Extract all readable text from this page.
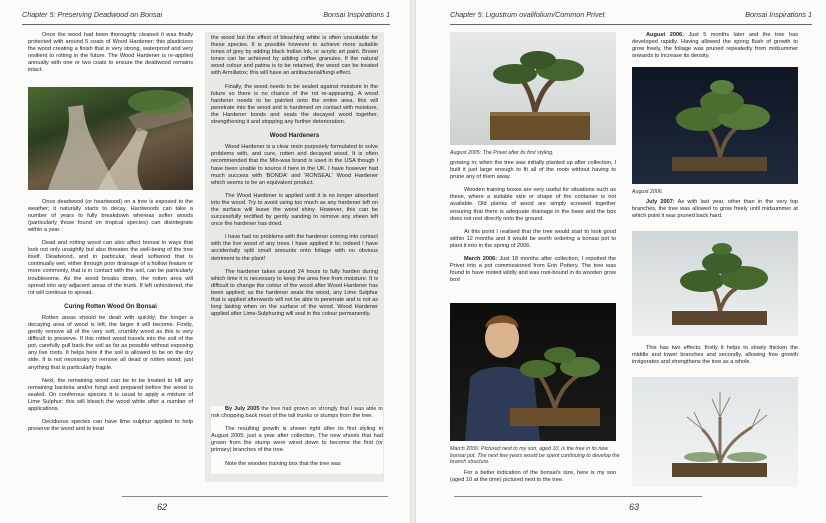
Chapter 5: Preserving Deadwood on Bonsai	Bonsai Inspirations 1

Once the wood had been thoroughly cleaned it was finally protected with around 5 coats of Wood Hardener; this plasticizes the wood creating a finish that is very strong, waterproof and very resilient to rotting in the future. The Wood Hardener is re-applied annually with one or two coats to ensure the deadwood remains intact.

Once deadwood (or heartwood) on a tree is exposed to the weather; it naturally starts to decay. Hardwoods can take a number of years to fully breakdown whereas softer woods (particularly those found on tropical species) can disintegrate within a year.

Dead and rotting wood can also affect bonsai in ways that look not only unsightly but also threaten the well-being of the tree itself. Deadwood, and in particular, dead softwood that is continually wet, either through poor drainage of a hollow feature or more commonly, that is in contact with the soil, can be particularly troublesome. As the wood breaks down, the rotten area will spread into any adjacent areas of the trunk. If left unhindered, the rot will continue to spread.

Curing Rotten Wood On Bonsai

Rotten areas should be dealt with quickly; the longer a decaying area of wood is left, the larger it will become. Firstly, gently remove all of the very soft, crumbly wood as this is very difficult to preserve. If this rotted wood travels into the soil of the pot, carefully pull back the soil as far as possible without exposing any live roots. It helps here if the soil is allowed to be on the dry side. It is not necessary to remove all dead or rotten wood; just anything that is particularly fragile.

Next, the remaining wood can be to be treated to kill any remaining bacteria and/or fungi and prepared before the wood is sealed. On coniferous species it is usual to apply a mixture of Lime Sulphur; this will bleach the wood white after a number of applications.

Deciduous species can have lime sulphur applied to help preserve the wood and to treat

the wood but the effect of bleaching white is often unsuitable for these species. It is possible however to achieve more suitable tones of grey by adding black Indian Ink, or acrylic art paint. Brown tones can be achieved by adding coffee granules. If the natural wood colour and patina is to be retained, the wood can be treated with Armillatox; this will have an antibacterial/fungi effect.

Finally, the wood needs to be sealed against moisture in the future so there is no chance of the rot re-appearing. A wood hardener needs to be painted onto the entire area, this will penetrate into the wood and is hardened on contact with moisture, the Hardener bonds and seals the decayed wood together, strengthening it and stopping any further deterioration.

Wood Hardeners

Wood Hardener is a clear resin purposely formulated to solve problems with, and cure, rotten and decayed wood. It is often recommended that the Min-wax brand is used in the USA though I have been unable to source it here in the UK. I have however had much success with 'BONDA' and 'RONSEAL' Wood Hardener which seems to be an equivalent product.

The Wood Hardener is applied until it is no longer absorbed into the wood. Try to avoid using too much as any hardener left on the surface will leave the wood shiny. However, this can be successfully rectified by gently sanding to remove any sheen left once the hardener has dried.

I have had no problems with the hardener coming into contact with the live wood of any trees I have applied it to; indeed I have accidentally split small amounts onto foliage with no obvious detriment to the plant!

The hardener takes around 24 hours to fully harden during which time it is necessary to keep the area free from moisture. It is difficult to change the colour of the wood after Wood Hardener has been applied; as the hardener seals the wood, any Lime Sulphur that is applied afterwards will not be able to penetrate and is not as long lasting when on the surface of the wood. Wood Hardener applied after Lime-Sulphuring will seal in the colour permanently.

By July 2005 the tree had grown so strongly that I was able to risk chopping back most of the tall trunks or stumps from the tree.

The resulting growth is shown right after its first styling in August 2005; just a year after collection. The new shoots that had grown from the stump were wired down to become the first (or primary) branches of the tree.

Note the wooden training box that the tree was

62
Chapter 5: Ligustrum ovalifolium/Common Privet	Bonsai Inspirations 1
August 2005: The Privet after its first styling.

growing in; when the tree was initially planted up after collection, I built it just large enough to fit all of the roots without having to prune any of them away.

Wooden training boxes are very useful for situations such as these, where a suitable size or shape of the container is not available. Old planks of wood are simply screwed together ensuring that there is adequate drainage in the base and the box does not rest directly onto the ground.

At this point I realised that the tree would start to look good within 12 months and it would be worth ordering a bonsai pot to plant it into in the spring of 2006.

March 2006: Just 18 months after collection, I repotted the Privet into a pot commissioned from Erin Pottery. The tree was found to have rooted wildly and was root-bound in its wooden grow box!

March 2006: Pictured next to my son, aged 10, is the tree in its new bonsai pot. The next few years would be spent continuing to develop the branch structure.

For a better indication of the bonsai's size, here is my son (aged 10 at the time) pictured next to the tree.

August 2006: Just 5 months later and the tree has developed rapidly. Having allowed the spring flush of growth to grow freely, the foliage was pruned repeatedly from midsummer onwards to increase its density.

August 2006.

July 2007: As with last year, other than in the very top branches, the tree was allowed to grow freely until midsummer at which point it was pruned back hard.

This has two effects; firstly it helps to slowly thicken the middle and lower branches and secondly, allowing free growth invigorates and strengthens the tree as a whole.

63
